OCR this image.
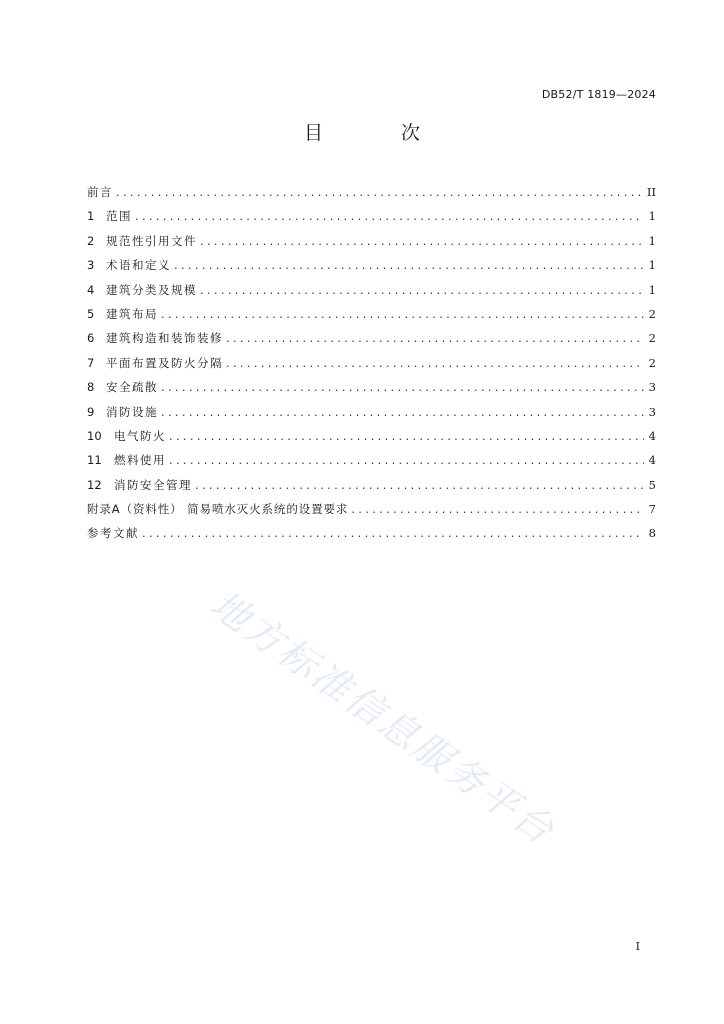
DB52/T 1819—2024
目 次
前言 .....	II
1	范围 .....	1
2	规范性引用文件 .....	1
3	术语和定义 .....	1
4	建筑分类及规模 .....	1
5	建筑布局 .....	2
6	建筑构造和装饰装修 .....	2
7	平面布置及防火分隔 .....	2
8	安全疏散 .....	3
9	消防设施 .....	3
10	电气防火 .....	4
11	燃料使用 .....	4
12	消防安全管理 .....	5
附录A（资料性） 简易喷水灭火系统的设置要求 .....	7
参考文献 .....	8
地方标准信息服务平台
I
